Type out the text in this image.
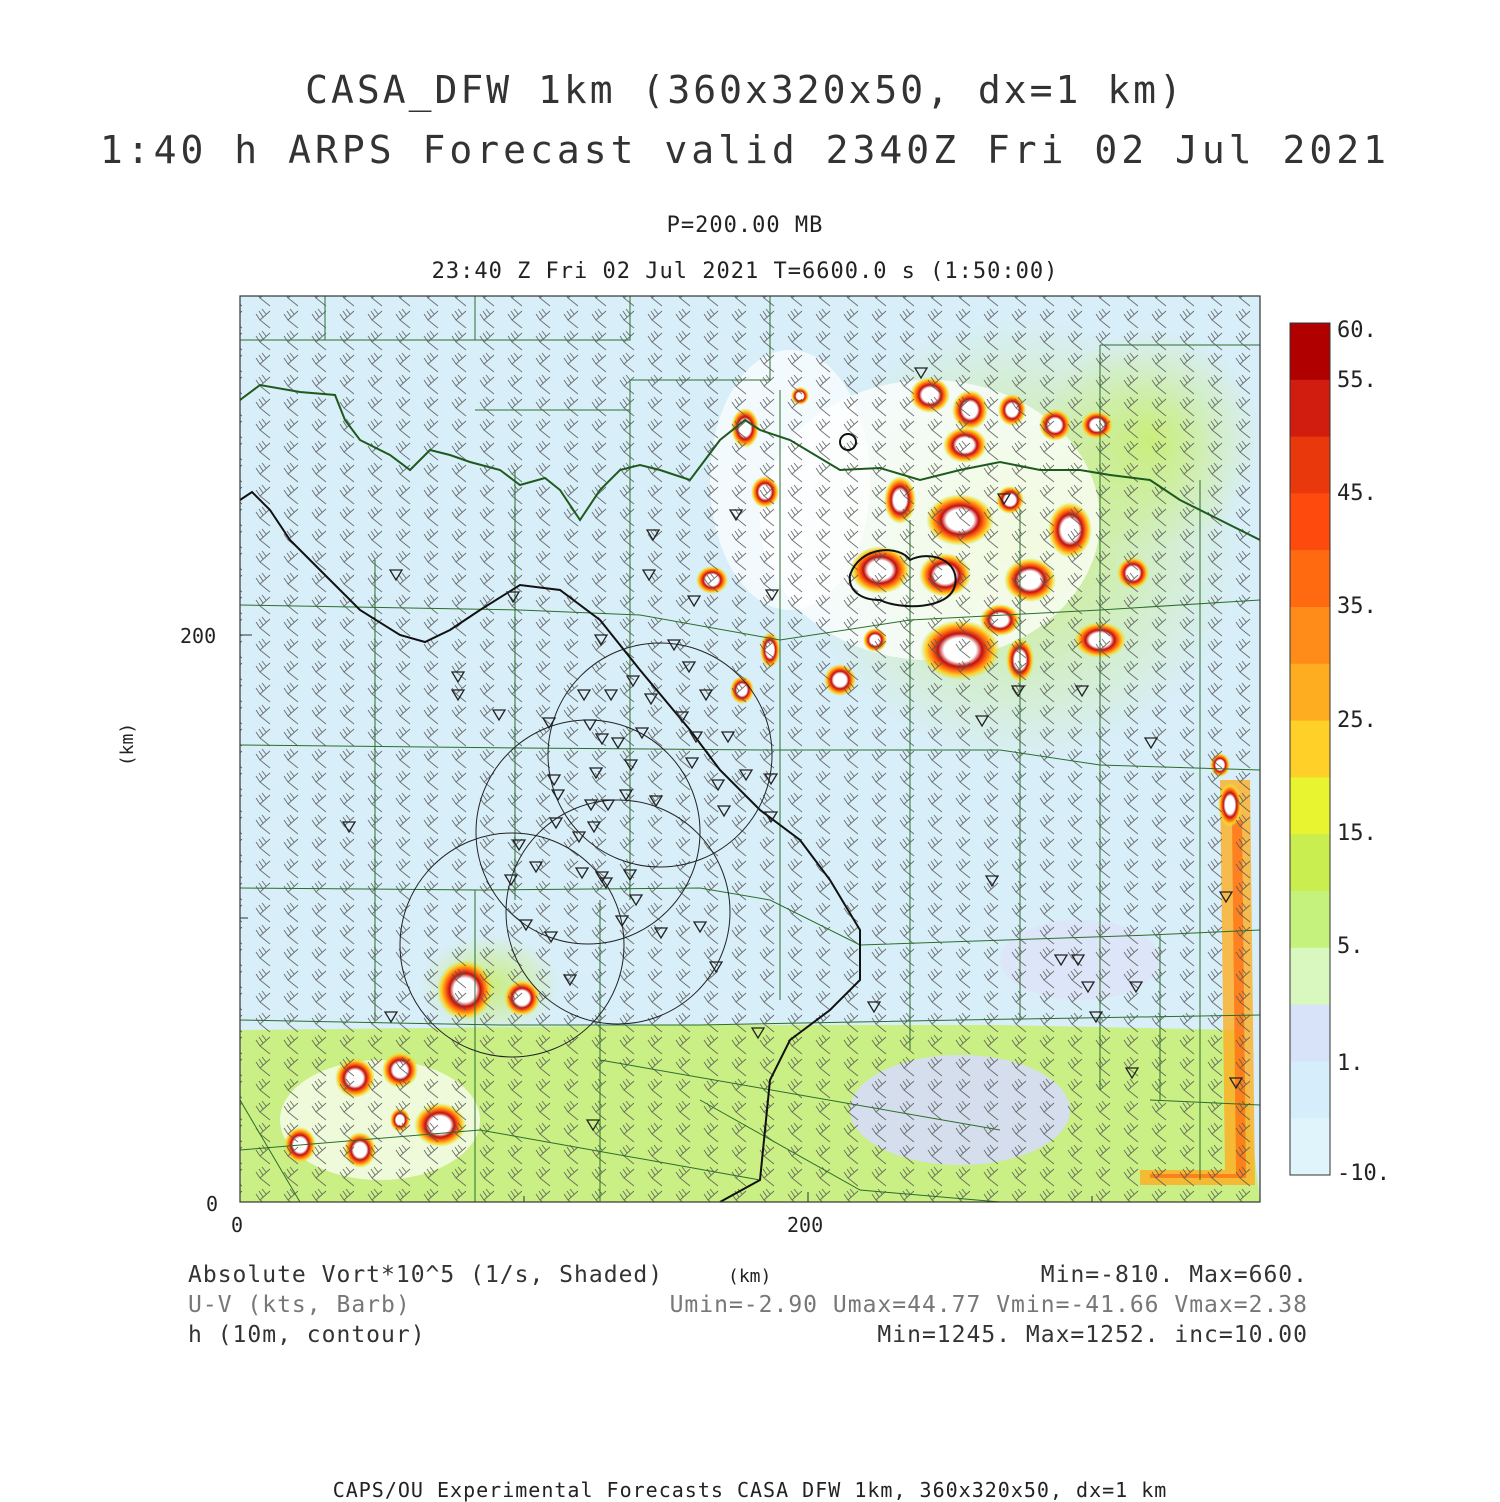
CASA_DFW 1km (360x320x50, dx=1 km)
1:40 h ARPS Forecast valid 2340Z Fri 02 Jul 2021
P=200.00 MB
23:40 Z Fri 02 Jul 2021 T=6600.0 s (1:50:00)
200
0
0	200
(km)
(km)
60.
55.
45.
35.
25.
15.
5.
1.
-10.
Absolute Vort*10^5 (1/s, Shaded)	Min=-810. Max=660.
U-V (kts, Barb)	Umin=-2.90 Umax=44.77 Vmin=-41.66 Vmax=2.38
h (10m, contour)	Min=1245. Max=1252. inc=10.00
CAPS/OU Experimental Forecasts CASA DFW 1km, 360x320x50, dx=1 km
